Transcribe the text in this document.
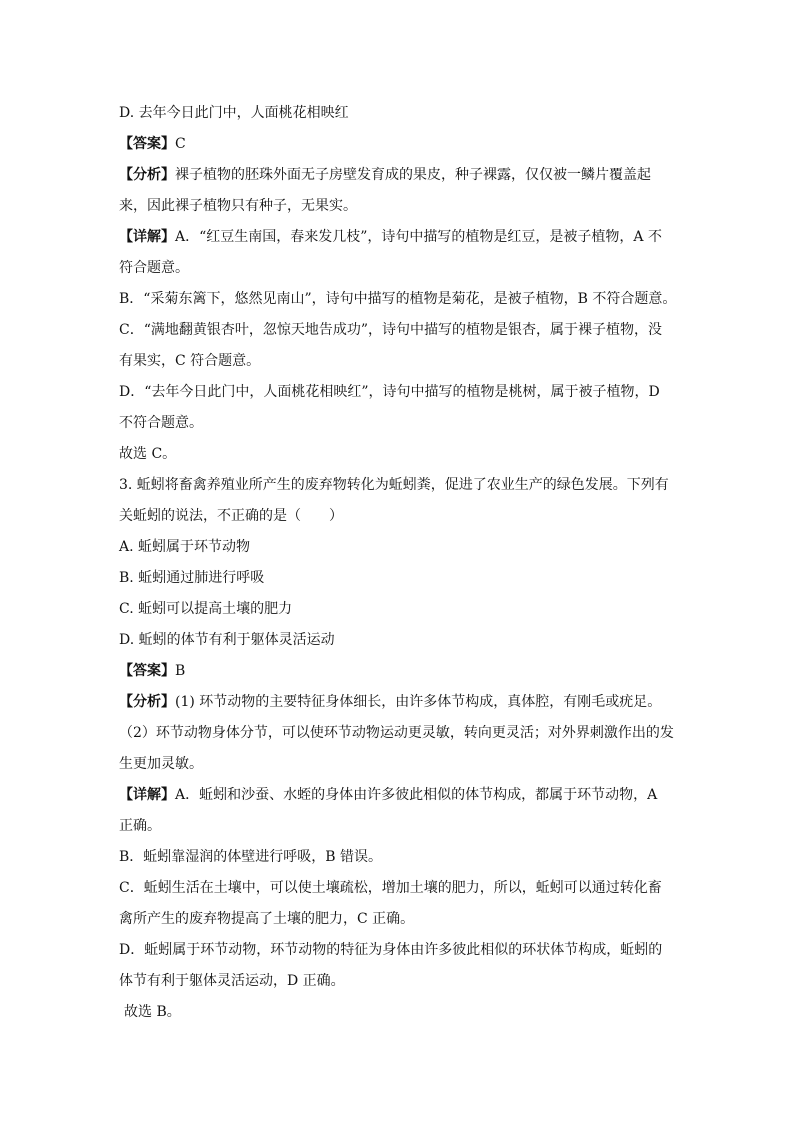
D. 去年今日此门中，人面桃花相映红
【答案】C
【分析】裸子植物的胚珠外面无子房壁发育成的果皮，种子裸露，仅仅被一鳞片覆盖起
来，因此裸子植物只有种子，无果实。
【详解】A．“红豆生南国，春来发几枝”，诗句中描写的植物是红豆，是被子植物，A 不
符合题意。
B．“采菊东篱下，悠然见南山”，诗句中描写的植物是菊花，是被子植物，B 不符合题意。
C．“满地翻黄银杏叶，忽惊天地告成功”，诗句中描写的植物是银杏，属于裸子植物，没
有果实，C 符合题意。
D．“去年今日此门中，人面桃花相映红”，诗句中描写的植物是桃树，属于被子植物，D
不符合题意。
故选 C。
3. 蚯蚓将畜禽养殖业所产生的废弃物转化为蚯蚓粪，促进了农业生产的绿色发展。下列有
关蚯蚓的说法，不正确的是（　　）
A. 蚯蚓属于环节动物
B. 蚯蚓通过肺进行呼吸
C. 蚯蚓可以提高土壤的肥力
D. 蚯蚓的体节有利于躯体灵活运动
【答案】B
【分析】(1) 环节动物的主要特征身体细长，由许多体节构成，真体腔，有刚毛或疣足。
（2）环节动物身体分节，可以使环节动物运动更灵敏，转向更灵活；对外界刺激作出的发
生更加灵敏。
【详解】A．蚯蚓和沙蚕、水蛭的身体由许多彼此相似的体节构成，都属于环节动物，A
正确。
B．蚯蚓靠湿润的体壁进行呼吸，B 错误。
C．蚯蚓生活在土壤中，可以使土壤疏松，增加土壤的肥力，所以，蚯蚓可以通过转化畜
禽所产生的废弃物提高了土壤的肥力，C 正确。
D．蚯蚓属于环节动物，环节动物的特征为身体由许多彼此相似的环状体节构成，蚯蚓的
体节有利于躯体灵活运动，D 正确。
故选 B。
